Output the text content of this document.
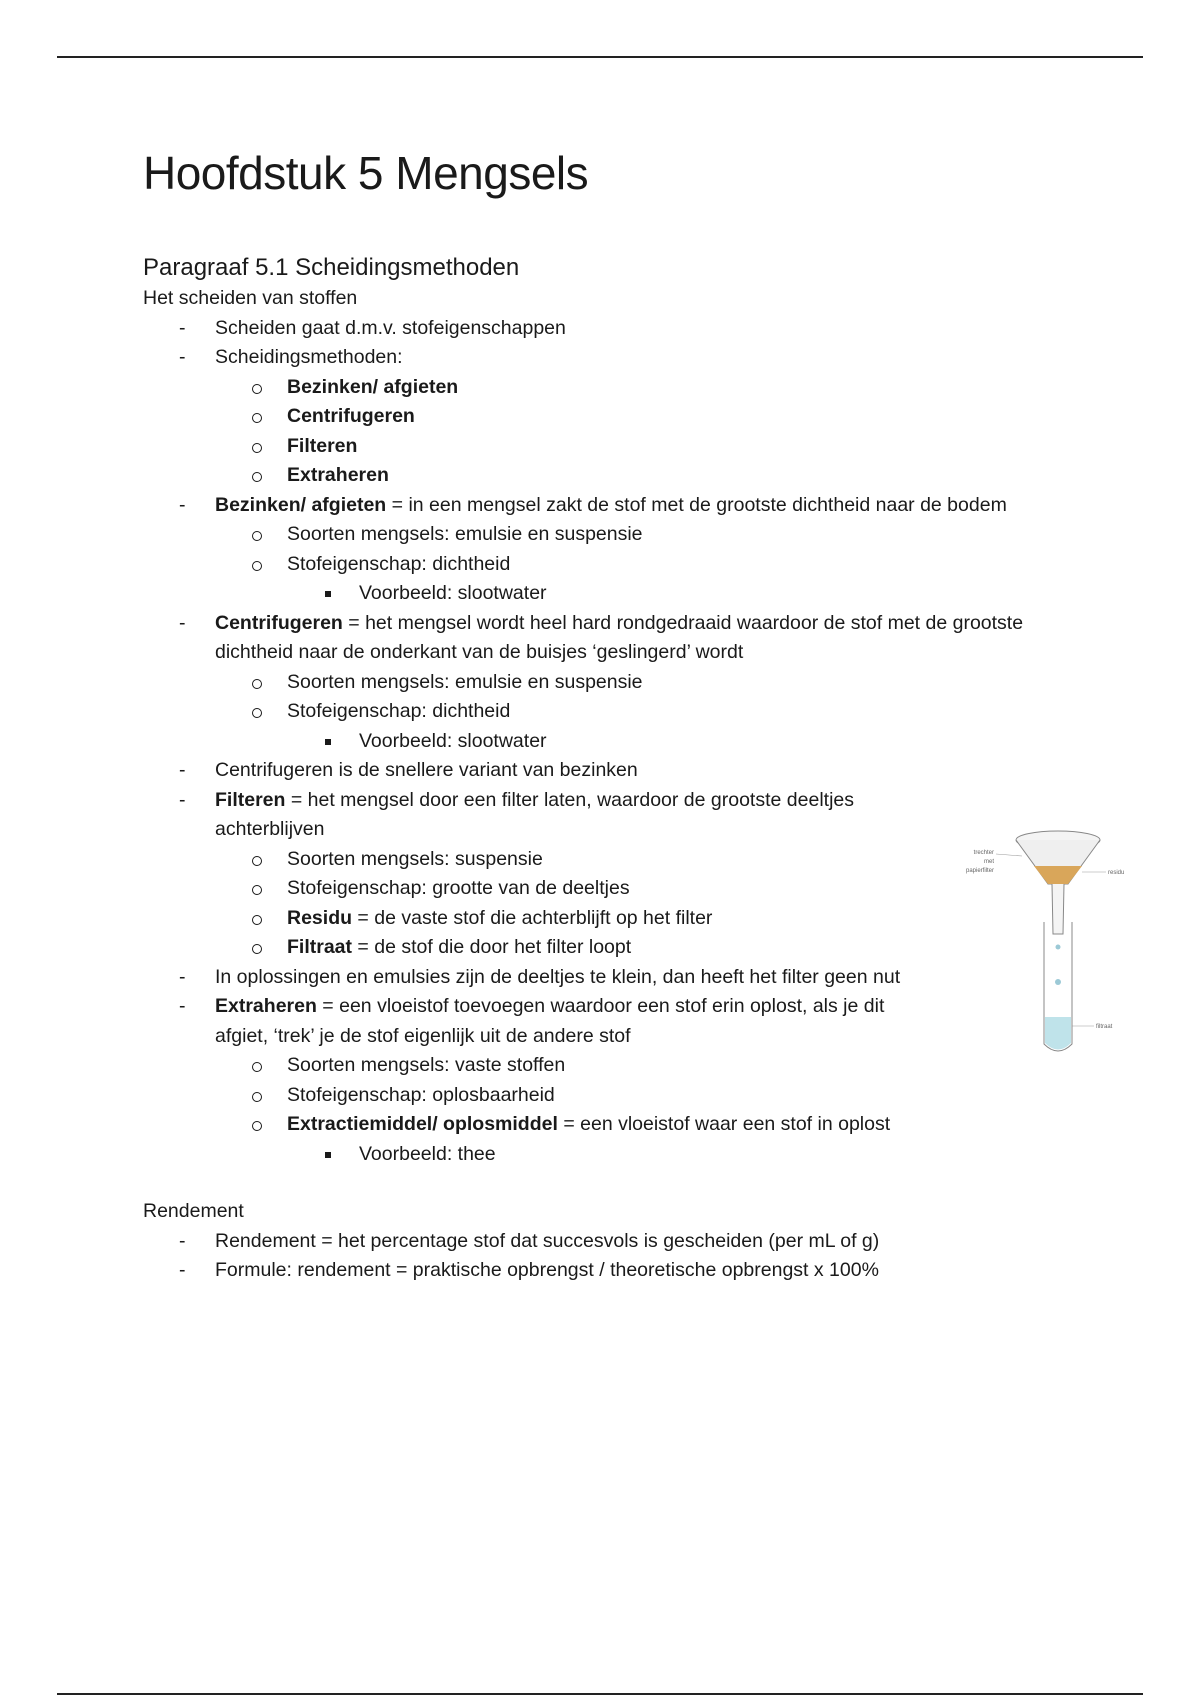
Hoofdstuk 5 Mengsels
Paragraaf 5.1 Scheidingsmethoden

Het scheiden van stoffen

- Scheiden gaat d.m.v. stofeigenschappen
- Scheidingsmethoden:
Bezinken/ afgieten
Centrifugeren
Filteren
Extraheren
- Bezinken/ afgieten = in een mengsel zakt de stof met de grootste dichtheid naar de bodem
Soorten mengsels: emulsie en suspensie
Stofeigenschap: dichtheid
Voorbeeld: slootwater
- Centrifugeren = het mengsel wordt heel hard rondgedraaid waardoor de stof met de grootste dichtheid naar de onderkant van de buisjes ‘geslingerd’ wordt
Soorten mengsels: emulsie en suspensie
Stofeigenschap: dichtheid
Voorbeeld: slootwater
- Centrifugeren is de snellere variant van bezinken
- Filteren = het mengsel door een filter laten, waardoor de grootste deeltjes achterblijven
Soorten mengsels: suspensie
Stofeigenschap: grootte van de deeltjes
Residu = de vaste stof die achterblijft op het filter
Filtraat = de stof die door het filter loopt
- In oplossingen en emulsies zijn de deeltjes te klein, dan heeft het filter geen nut
- Extraheren = een vloeistof toevoegen waardoor een stof erin oplost, als je dit afgiet, ‘trek’ je de stof eigenlijk uit de andere stof
Soorten mengsels: vaste stoffen
Stofeigenschap: oplosbaarheid
Extractiemiddel/ oplosmiddel = een vloeistof waar een stof in oplost
Voorbeeld: thee

Rendement

- Rendement = het percentage stof dat succesvols is gescheiden (per mL of g)
- Formule: rendement = praktische opbrengst / theoretische opbrengst x 100%
trechter
met
papierfilter	residu
filtraat
